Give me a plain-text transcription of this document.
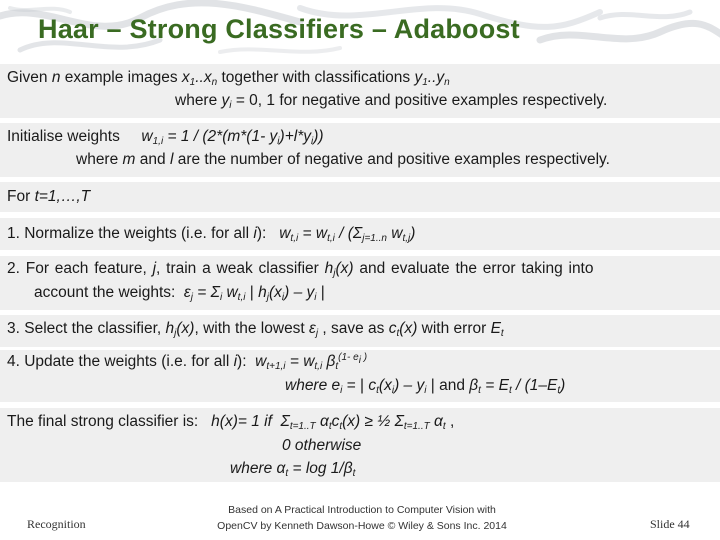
Haar – Strong Classifiers – Adaboost
Given n example images $x_1..x_n$ together with classifications $y_1..y_n$
where $y_i = 0$, 1 for negative and positive examples respectively.
Initialise weights     $w_{1,i} = 1 / (2*(m*(1-$ $y_i)+l*y_i$))
where m and l are the number of negative and positive examples respectively.
For t=1,…,T
1. Normalize the weights (i.e. for all i):   $w_{t,i} = w_{t,i} / (\Sigma_{j=1..n}$ $w_{t,j}$)
2. For each feature, j, train a weak classifier $h_j(x)$ and evaluate the error taking into
account the weights:  $\varepsilon_j = \Sigma_i$ $w_{t,i}$ | $h_j(x_i) - y_i$ |
3. Select the classifier, $h_j(x)$, with the lowest $\varepsilon_j$ , save as $c_t(x)$ with error $E_t$
4. Update the weights (i.e. for all i):  $w_{t+1,i} = w_{t,i}$ $\beta_t^{(1- e_i )}$
where $e_i$ = | $c_t(x_i) - y_i$ | and $\beta_t = E_t / (1-E_t)$
The final strong classifier is:   h(x)= 1 if  $\Sigma_{t=1..T}$ $\alpha_tc_t(x)$ ≥ ½ $\Sigma_{t=1..T}$ $\alpha_t$ ,
0 otherwise
where $\alpha_t = \log 1/\beta_t$
Recognition
Based on A Practical Introduction to Computer Vision with
OpenCV by Kenneth Dawson-Howe © Wiley & Sons Inc. 2014	Slide 44
